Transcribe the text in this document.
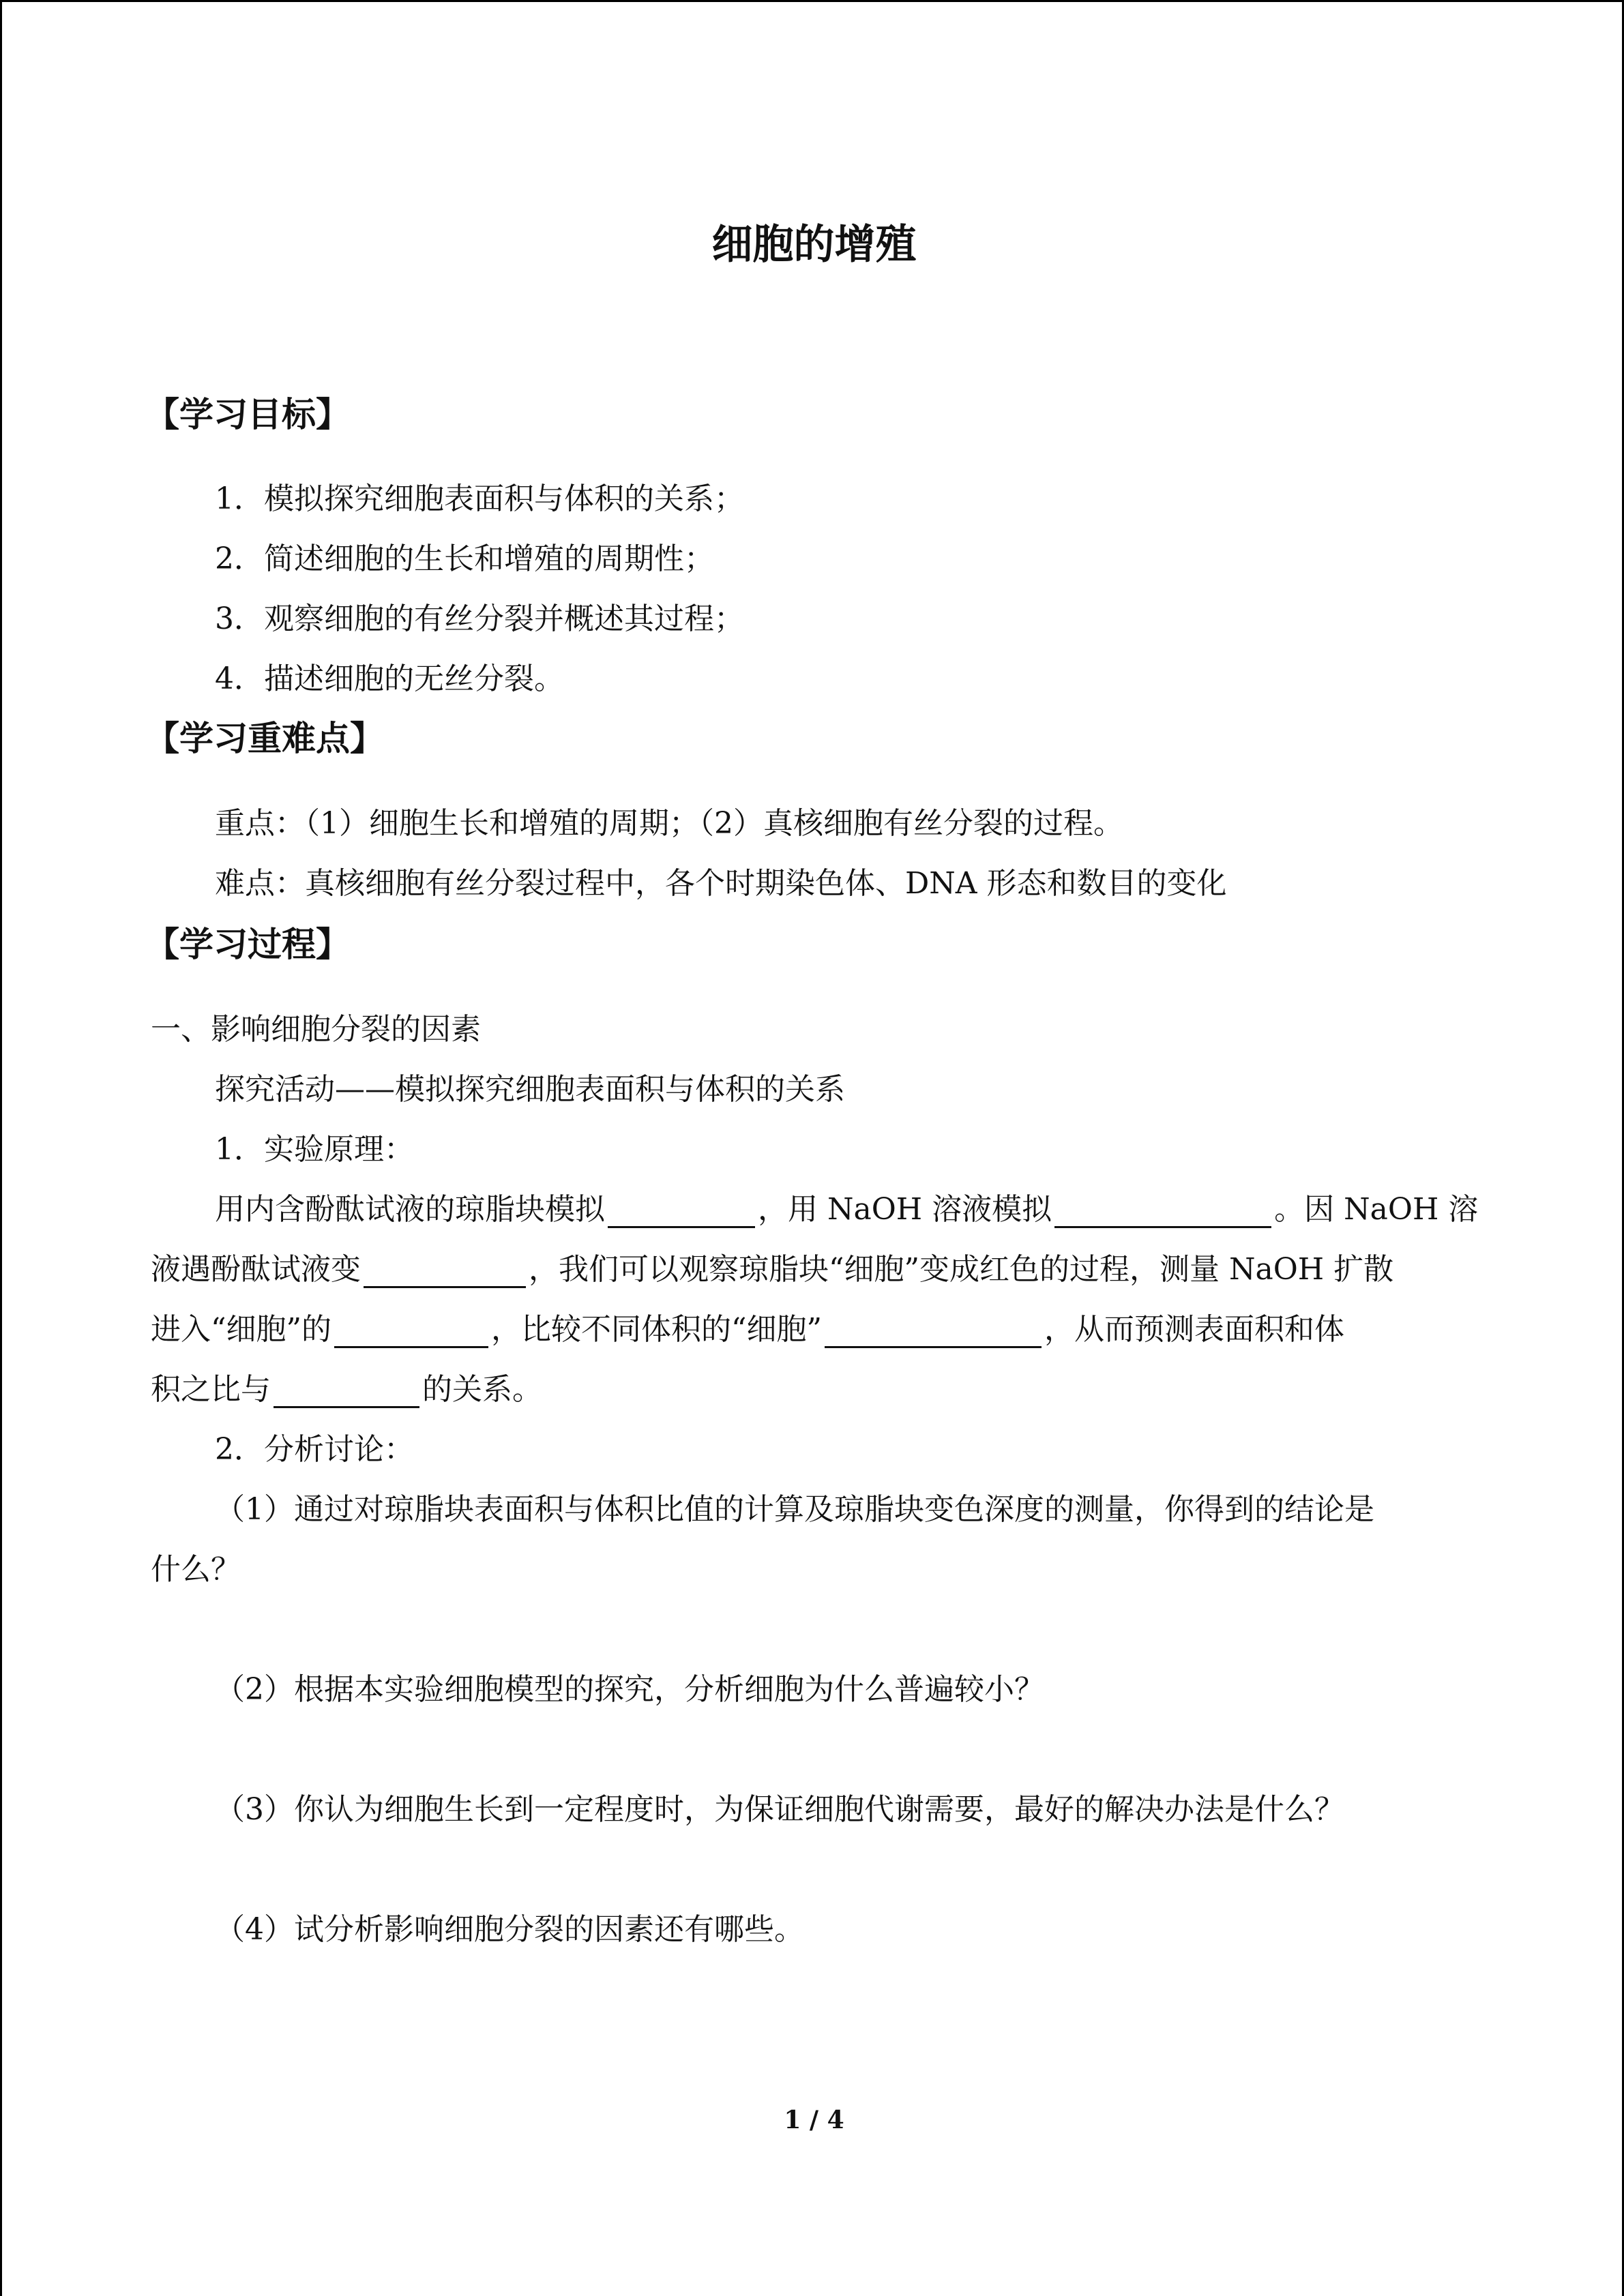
细胞的增殖
【学习目标】
1．模拟探究细胞表面积与体积的关系；
2．简述细胞的生长和增殖的周期性；
3．观察细胞的有丝分裂并概述其过程；
4．描述细胞的无丝分裂。
【学习重难点】
重点：（1）细胞生长和增殖的周期；（2）真核细胞有丝分裂的过程。
难点：真核细胞有丝分裂过程中，各个时期染色体、DNA 形态和数目的变化
【学习过程】
一、影响细胞分裂的因素
探究活动——模拟探究细胞表面积与体积的关系
1．实验原理：
用内含酚酞试液的琼脂块模拟	，用 NaOH 溶液模拟	。因 NaOH 溶
液遇酚酞试液变	，我们可以观察琼脂块“细胞”变成红色的过程，测量 NaOH 扩散
进入“细胞”的	，比较不同体积的“细胞”	，从而预测表面积和体
积之比与	的关系。
2．分析讨论：
（1）通过对琼脂块表面积与体积比值的计算及琼脂块变色深度的测量，你得到的结论是
什么？
（2）根据本实验细胞模型的探究，分析细胞为什么普遍较小？
（3）你认为细胞生长到一定程度时，为保证细胞代谢需要，最好的解决办法是什么？
（4）试分析影响细胞分裂的因素还有哪些。
1 / 4
